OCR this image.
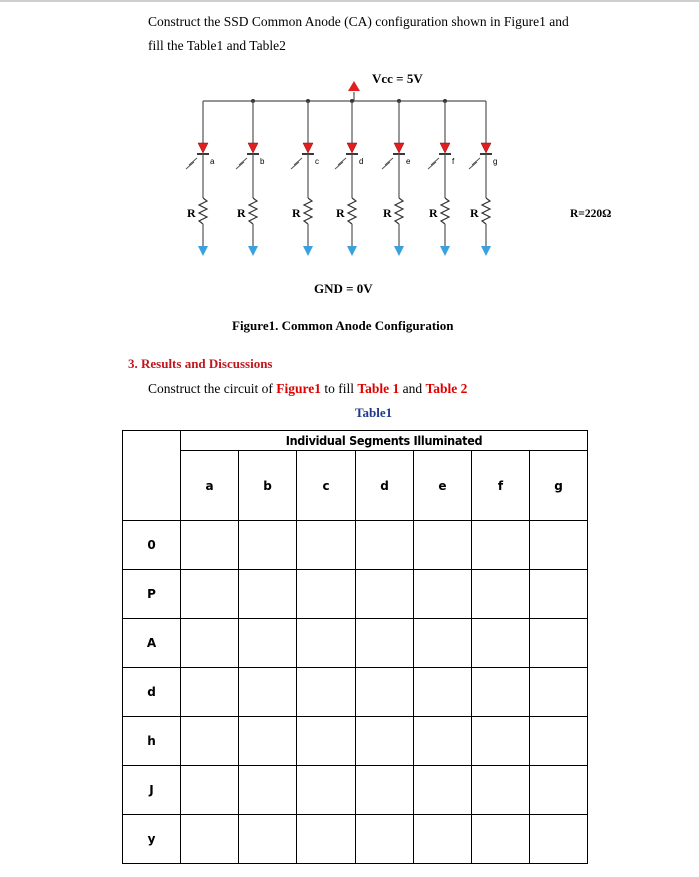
Construct the SSD Common Anode (CA) configuration shown in Figure1 and
fill the Table1 and Table2
a
R
b
R
c
R
d
R
e
R
f
R
g
R
Vcc = 5V
GND = 0V
R=220Ω
Figure1. Common Anode Configuration
3. Results and Discussions
Construct the circuit of Figure1 to fill Table 1 and Table 2
Table1
	Individual Segments Illuminated						
	a	b	c	d	e	f	g
0							
P							
A							
d							
h							
J							
y							
